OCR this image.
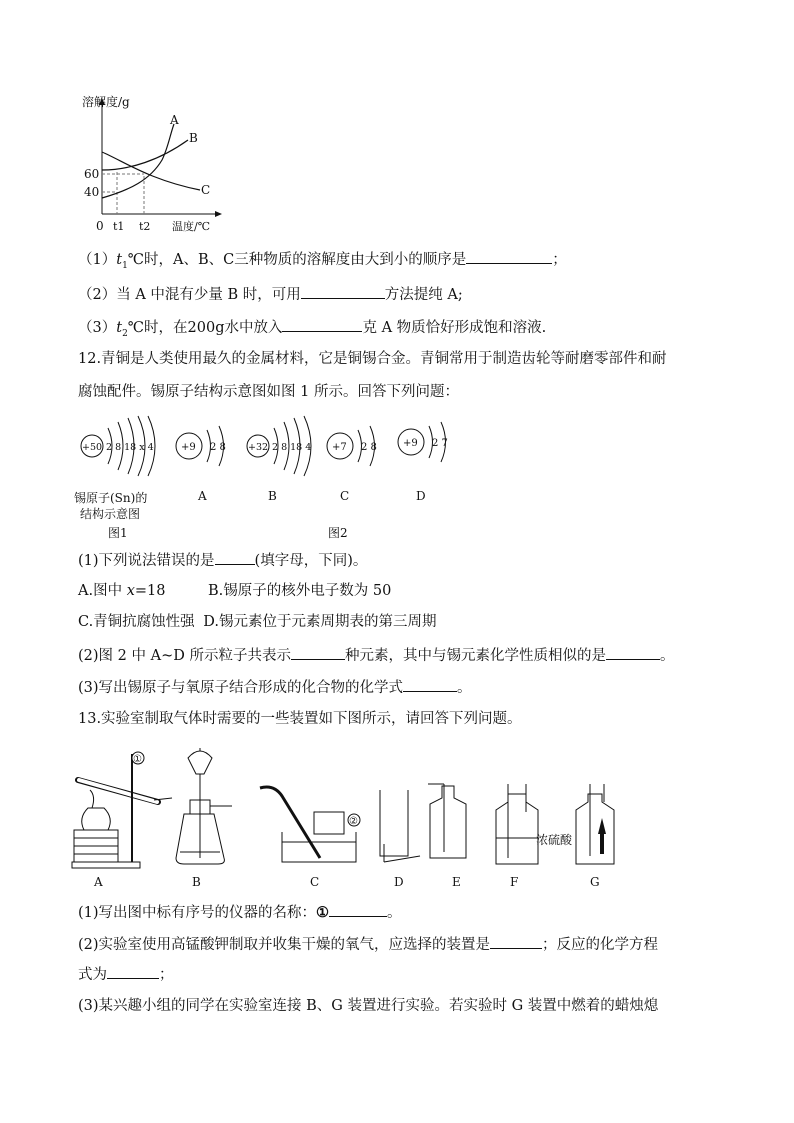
溶解度/g
A
B
C
60
40
0 t1 t2 温度/℃
$(1)t_1℃$时，A、B、C三种物质的溶解度由大到小的顺序是	；
（2）当 A 中混有少量 B 时，可用	方法提纯 A;
$(3)t_2℃$时，在200g水中放入	克 A 物质恰好形成饱和溶液.
12.青铜是人类使用最久的金属材料，它是铜锡合金。青铜常用于制造齿轮等耐磨零部件和耐
腐蚀配件。锡原子结构示意图如图 1 所示。回答下列问题：
+50 2 8 18 x 4	+9 2 8 +32 2 8 18 4 +7 2 8	+9 2 7
A	B	C	D
锡原子(Sn)的
结构示意图
图1	图2
(1)下列说法错误的是	(填字母，下同)。
A.图中 x=18	B.锡原子的核外电子数为 50
C.青铜抗腐蚀性强 D.锡元素位于元素周期表的第三周期
(2)图 2 中 A~D 所示粒子共表示	种元素，其中与锡元素化学性质相似的是	。
(3)写出锡原子与氧原子结合形成的化合物的化学式	。
13.实验室制取气体时需要的一些装置如下图所示，请回答下列问题。
①
A	B
②
C	D	E
浓硫酸
F	G
(1)写出图中标有序号的仪器的名称：①	。
(2)实验室使用高锰酸钾制取并收集干燥的氧气，应选择的装置是	；反应的化学方程
式为	；
(3)某兴趣小组的同学在实验室连接 B、G 装置进行实验。若实验时 G 装置中燃着的蜡烛熄
